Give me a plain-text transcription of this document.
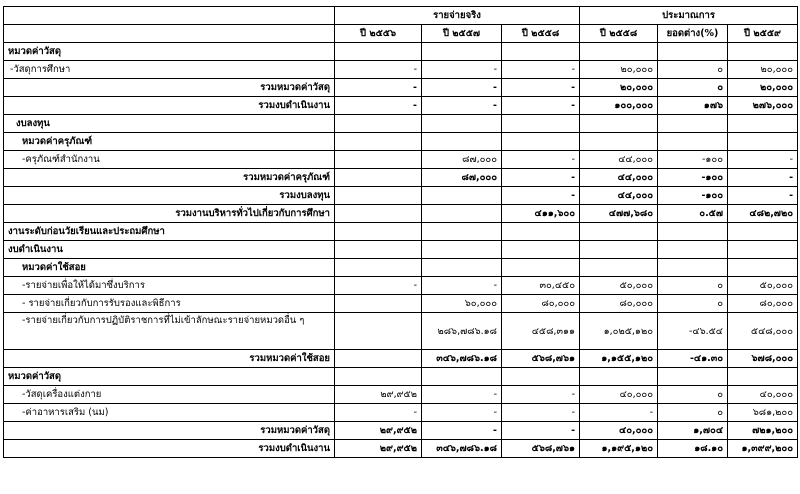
	รายจ่ายจริง			ประมาณการ		
	ปี ๒๕๕๖	ปี ๒๕๕๗	ปี ๒๕๕๘	ปี ๒๕๕๘	ยอดต่าง(%)	ปี ๒๕๕๙
หมวดค่าวัสดุ						
-วัสดุการศึกษา	-	-	-	๒๐,๐๐๐	๐	๒๐,๐๐๐
รวมหมวดค่าวัสดุ	-	-	-	๒๐,๐๐๐	๐	๒๐,๐๐๐
รวมงบดำเนินงาน	-	-	-	๑๐๐,๐๐๐	๑๗๖	๒๗๖,๐๐๐
งบลงทุน						
หมวดค่าครุภัณฑ์						
-ครุภัณฑ์สำนักงาน		๘๗,๐๐๐	-	๔๔,๐๐๐	-๑๐๐	-
รวมหมวดค่าครุภัณฑ์		๘๗,๐๐๐	-	๔๔,๐๐๐	-๑๐๐	-
รวมงบลงทุน			-	๔๔,๐๐๐	-๑๐๐	-
รวมงานบริหารทั่วไปเกี่ยวกับการศึกษา			๔๑๑,๖๐๐	๔๗๗,๖๘๐	๐.๕๗	๔๘๒,๗๒๐
งานระดับก่อนวัยเรียนและประถมศึกษา						
งบดำเนินงาน						
หมวดค่าใช้สอย						
-รายจ่ายเพื่อให้ได้มาซึ่งบริการ	-	-	๓๐,๔๕๐	๕๐,๐๐๐	๐	๕๐,๐๐๐
- รายจ่ายเกี่ยวกับการรับรองและพิธีการ		๖๐,๐๐๐	๘๐,๐๐๐	๘๐,๐๐๐	๐	๘๐,๐๐๐
-รายจ่ายเกี่ยวกับการปฏิบัติราชการที่ไม่เข้าลักษณะรายจ่ายหมวดอื่น ๆ		๒๘๖,๗๘๖.๑๘	๔๕๘,๓๑๑	๑,๐๒๕,๑๒๐	-๔๖.๕๔	๕๔๘,๐๐๐
รวมหมวดค่าใช้สอย		๓๔๖,๗๘๖.๑๘	๕๖๘,๗๖๑	๑,๑๕๕,๑๒๐	-๔๑.๓๐	๖๗๘,๐๐๐
หมวดค่าวัสดุ						
-วัสดุเครื่องแต่งกาย	๒๙,๙๕๒	-	-	๔๐,๐๐๐	๐	๔๐,๐๐๐
-ค่าอาหารเสริม (นม)	-	-	-	-	๐	๖๘๑,๒๐๐
รวมหมวดค่าวัสดุ	๒๙,๙๕๒	-	-	๔๐,๐๐๐	๑,๗๐๔	๗๒๑,๒๐๐
รวมงบดำเนินงาน	๒๙,๙๕๒	๓๔๖,๗๘๖.๑๘	๕๖๘,๗๖๑	๑,๑๙๕,๑๒๐	๑๘.๑๐	๑,๓๙๙,๒๐๐
